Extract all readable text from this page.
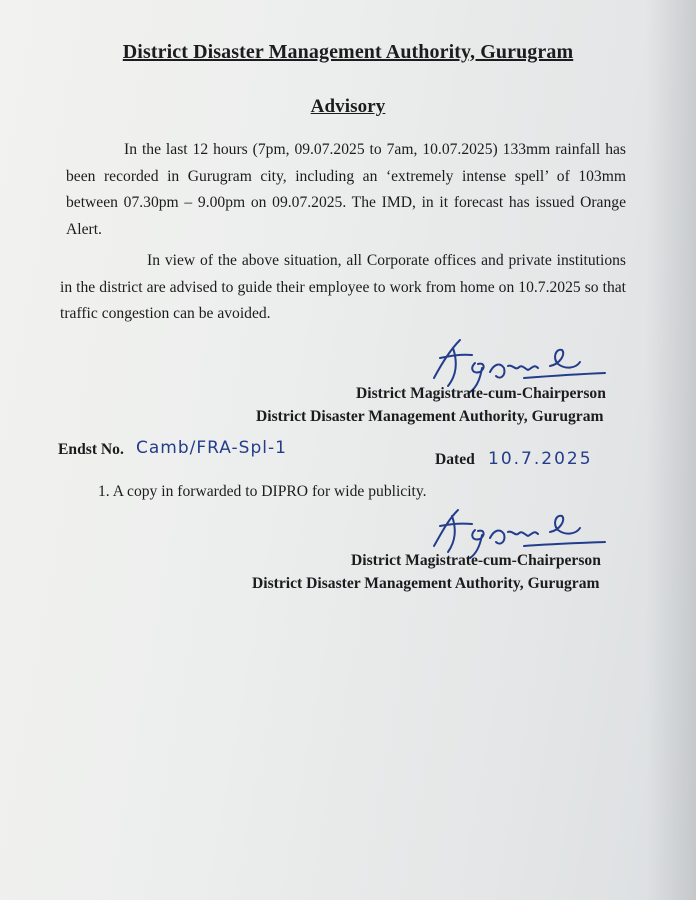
District Disaster Management Authority, Gurugram
Advisory
In the last 12 hours (7pm, 09.07.2025 to 7am, 10.07.2025) 133mm rainfall has been recorded in Gurugram city, including an ‘extremely intense spell’ of 103mm between 07.30pm – 9.00pm on 09.07.2025. The IMD, in it forecast has issued Orange Alert.
In view of the above situation, all Corporate offices and private institutions in the district are advised to guide their employee to work from home on 10.7.2025 so that traffic congestion can be avoided.
District Magistrate-cum-Chairperson
District Disaster Management Authority, Gurugram
Endst No. Camb/FRA-Spl-1
Dated 10.7.2025
1. A copy in forwarded to DIPRO for wide publicity.
District Magistrate-cum-Chairperson
District Disaster Management Authority, Gurugram
